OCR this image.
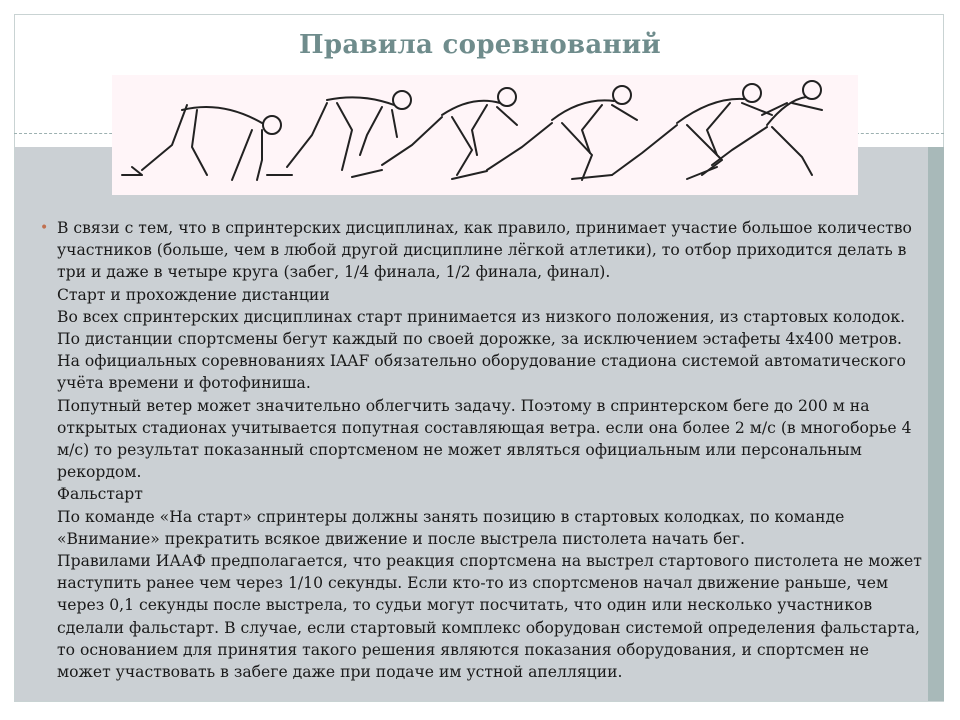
Правила соревнований
• В связи с тем, что в спринтерских дисциплинах, как правило, принимает участие большое количество участников (больше, чем в любой другой дисциплине лёгкой атлетики), то отбор приходится делать в три и даже в четыре круга (забег, 1/4 финала, 1/2 финала, финал).

Старт и прохождение дистанции

Во всех спринтерских дисциплинах старт принимается из низкого положения, из стартовых колодок. По дистанции спортсмены бегут каждый по своей дорожке, за исключением эстафеты 4х400 метров. На официальных соревнованиях IAAF обязательно оборудование стадиона системой автоматического учёта времени и фотофиниша.

Попутный ветер может значительно облегчить задачу. Поэтому в спринтерском беге до 200 м на открытых стадионах учитывается попутная составляющая ветра. если она более 2 м/с (в многоборье 4 м/с) то результат показанный спортсменом не может являться официальным или персональным рекордом.

Фальстарт

По команде «На старт» спринтеры должны занять позицию в стартовых колодках, по команде «Внимание» прекратить всякое движение и после выстрела пистолета начать бег.

Правилами ИААФ предполагается, что реакция спортсмена на выстрел стартового пистолета не может наступить ранее чем через 1/10 секунды. Если кто-то из спортсменов начал движение раньше, чем через 0,1 секунды после выстрела, то судьи могут посчитать, что один или несколько участников сделали фальстарт. В случае, если стартовый комплекс оборудован системой определения фальстарта, то основанием для принятия такого решения являются показания оборудования, и спортсмен не может участвовать в забеге даже при подаче им устной апелляции.
